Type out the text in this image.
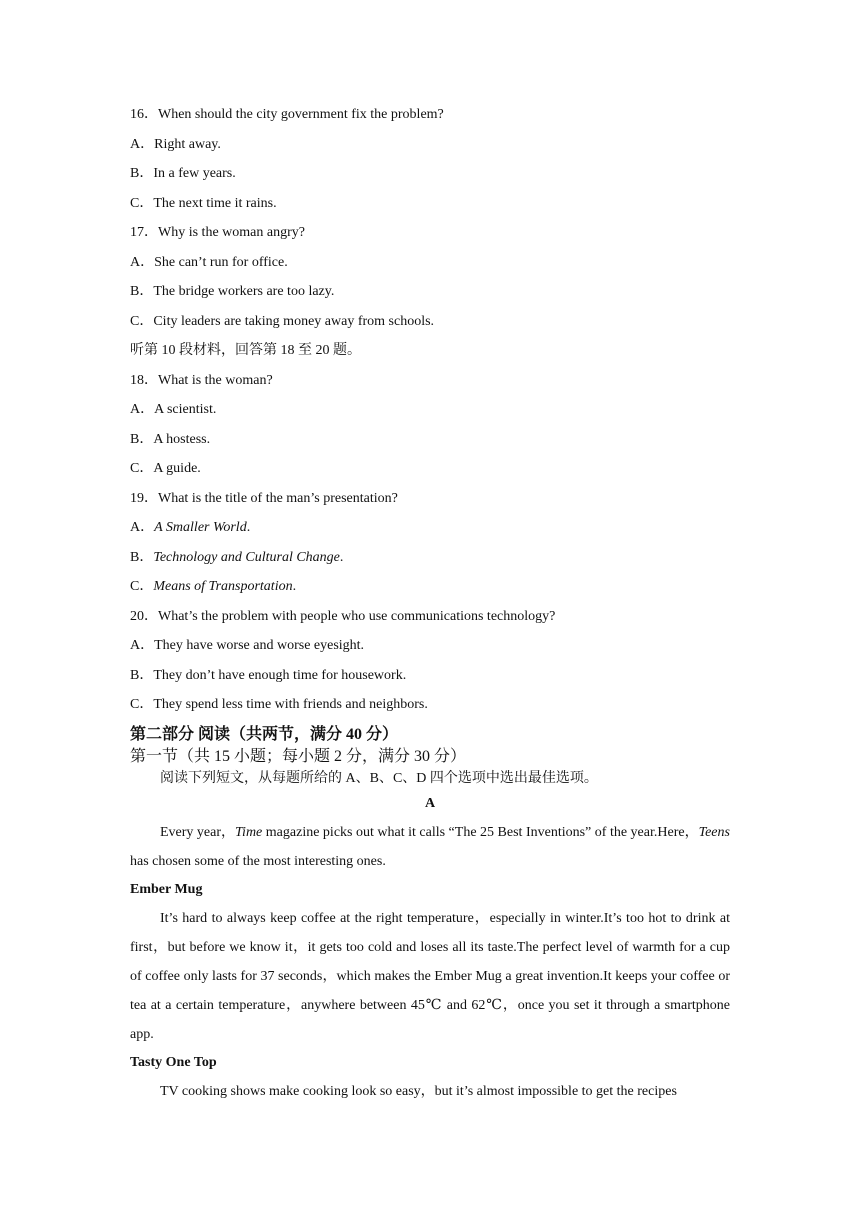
16．When should the city government fix the problem?
A．Right away.
B．In a few years.
C．The next time it rains.
17．Why is the woman angry?
A．She can’t run for office.
B．The bridge workers are too lazy.
C．City leaders are taking money away from schools.
听第 10 段材料，回答第 18 至 20 题。
18．What is the woman?
A．A scientist.
B．A hostess.
C．A guide.
19．What is the title of the man’s presentation?
A．A Smaller World.
B．Technology and Cultural Change.
C．Means of Transportation.
20．What’s the problem with people who use communications technology?
A．They have worse and worse eyesight.
B．They don’t have enough time for housework.
C．They spend less time with friends and neighbors.
第二部分 阅读（共两节，满分 40 分）
第一节（共 15 小题；每小题 2 分，满分 30 分）
阅读下列短文，从每题所给的 A、B、C、D 四个选项中选出最佳选项。
A
Every year，Time magazine picks out what it calls “The 25 Best Inventions” of the year.Here，Teens has chosen some of the most interesting ones.
Ember Mug
It’s hard to always keep coffee at the right temperature，especially in winter.It’s too hot to drink at first，but before we know it，it gets too cold and loses all its taste.The perfect level of warmth for a cup of coffee only lasts for 37 seconds，which makes the Ember Mug a great invention.It keeps your coffee or tea at a certain temperature，anywhere between 45℃ and 62℃，once you set it through a smartphone app.
Tasty One Top
TV cooking shows make cooking look so easy，but it’s almost impossible to get the recipes
